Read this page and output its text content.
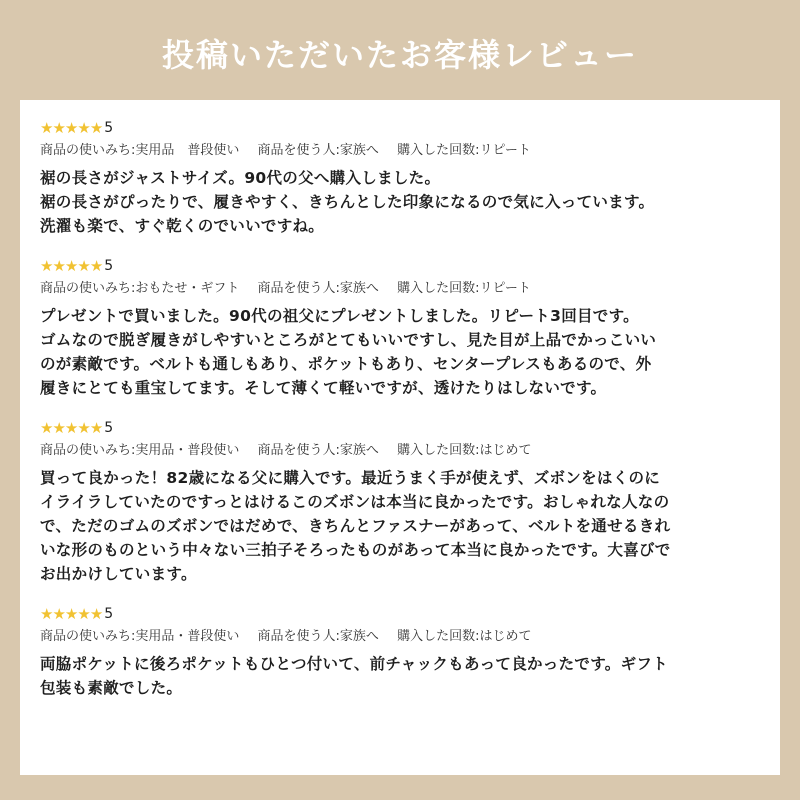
投稿いただいたお客様レビュー
★ ★ ★ ★ ★ 5
商品の使いみち:実用品　普段使い 商品を使う人:家族へ 購入した回数:リピート
裾の長さがジャストサイズ。90代の父へ購入しました。
裾の長さがぴったりで、履きやすく、きちんとした印象になるので気に入っています。
洗濯も楽で、すぐ乾くのでいいですね。
★ ★ ★ ★ ★ 5
商品の使いみち:おもたせ・ギフト 商品を使う人:家族へ 購入した回数:リピート
プレゼントで買いました。90代の祖父にプレゼントしました。リピート3回目です。
ゴムなので脱ぎ履きがしやすいところがとてもいいですし、見た目が上品でかっこいい
のが素敵です。ベルトも通しもあり、ポケットもあり、センタープレスもあるので、外
履きにとても重宝してます。そして薄くて軽いですが、透けたりはしないです。
★ ★ ★ ★ ★ 5
商品の使いみち:実用品・普段使い 商品を使う人:家族へ 購入した回数:はじめて
買って良かった！82歳になる父に購入です。最近うまく手が使えず、ズボンをはくのに
イライラしていたのですっとはけるこのズボンは本当に良かったです。おしゃれな人なの
で、ただのゴムのズボンではだめで、きちんとファスナーがあって、ベルトを通せるきれ
いな形のものという中々ない三拍子そろったものがあって本当に良かったです。大喜びで
お出かけしています。
★ ★ ★ ★ ★ 5
商品の使いみち:実用品・普段使い 商品を使う人:家族へ 購入した回数:はじめて
両脇ポケットに後ろポケットもひとつ付いて、前チャックもあって良かったです。ギフト
包装も素敵でした。
